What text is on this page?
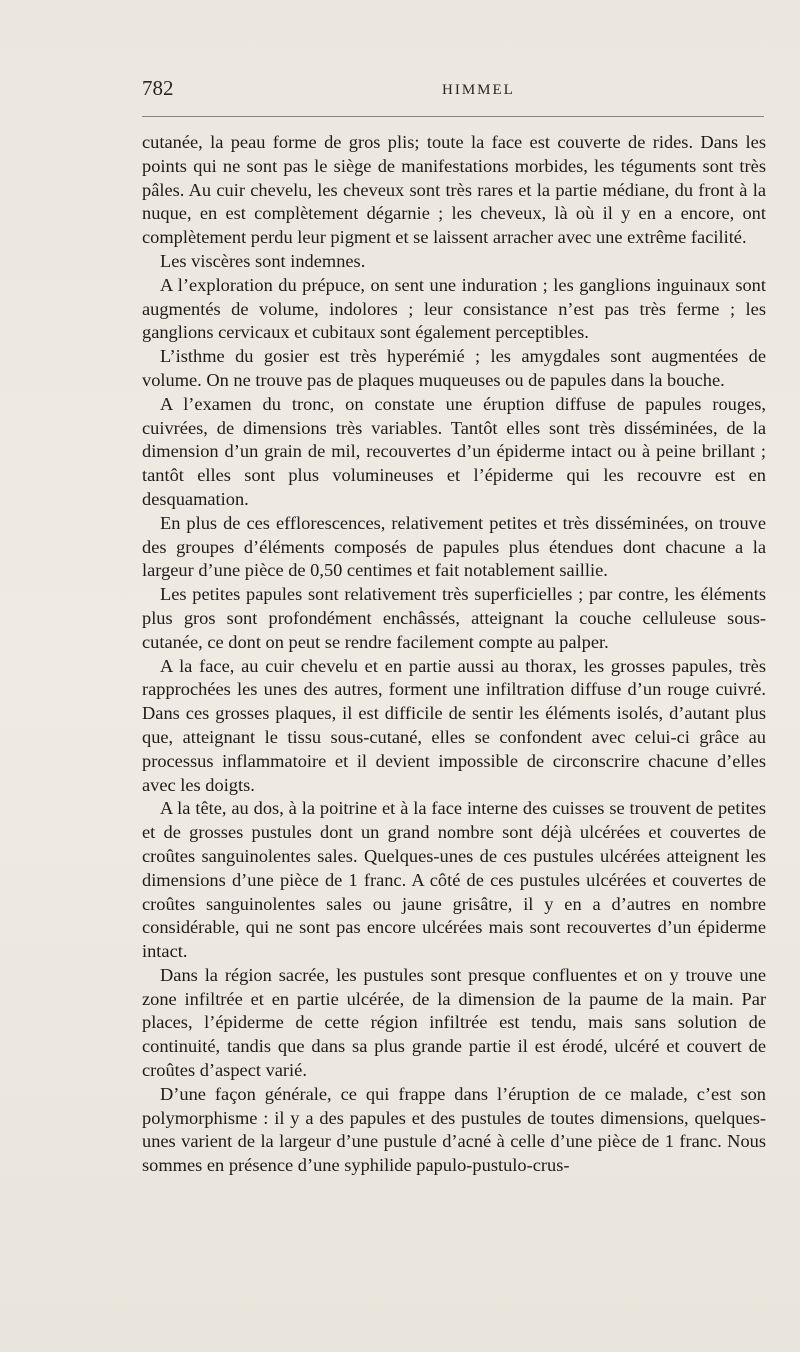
782	HIMMEL

cutanée, la peau forme de gros plis; toute la face est couverte de rides. Dans les points qui ne sont pas le siège de manifestations morbides, les téguments sont très pâles. Au cuir chevelu, les cheveux sont très rares et la partie médiane, du front à la nuque, en est complètement dégarnie ; les cheveux, là où il y en a encore, ont complètement perdu leur pigment et se laissent arracher avec une extrême facilité.

Les viscères sont indemnes.

A l’exploration du prépuce, on sent une induration ; les ganglions inguinaux sont augmentés de volume, indolores ; leur consistance n’est pas très ferme ; les ganglions cervicaux et cubitaux sont également perceptibles.

L’isthme du gosier est très hyperémié ; les amygdales sont augmentées de volume. On ne trouve pas de plaques muqueuses ou de papules dans la bouche.

A l’examen du tronc, on constate une éruption diffuse de papules rouges, cuivrées, de dimensions très variables. Tantôt elles sont très disséminées, de la dimension d’un grain de mil, recouvertes d’un épiderme intact ou à peine brillant ; tantôt elles sont plus volumineuses et l’épiderme qui les recouvre est en desquamation.

En plus de ces efflorescences, relativement petites et très disséminées, on trouve des groupes d’éléments composés de papules plus étendues dont chacune a la largeur d’une pièce de 0,50 centimes et fait notablement saillie.

Les petites papules sont relativement très superficielles ; par contre, les éléments plus gros sont profondément enchâssés, atteignant la couche celluleuse sous-cutanée, ce dont on peut se rendre facilement compte au palper.

A la face, au cuir chevelu et en partie aussi au thorax, les grosses papules, très rapprochées les unes des autres, forment une infiltration diffuse d’un rouge cuivré. Dans ces grosses plaques, il est difficile de sentir les éléments isolés, d’autant plus que, atteignant le tissu sous-cutané, elles se confondent avec celui-ci grâce au processus inflammatoire et il devient impossible de circonscrire chacune d’elles avec les doigts.

A la tête, au dos, à la poitrine et à la face interne des cuisses se trouvent de petites et de grosses pustules dont un grand nombre sont déjà ulcérées et couvertes de croûtes sanguinolentes sales. Quelques-unes de ces pustules ulcérées atteignent les dimensions d’une pièce de 1 franc. A côté de ces pustules ulcérées et couvertes de croûtes sanguinolentes sales ou jaune grisâtre, il y en a d’autres en nombre considérable, qui ne sont pas encore ulcérées mais sont recouvertes d’un épiderme intact.

Dans la région sacrée, les pustules sont presque confluentes et on y trouve une zone infiltrée et en partie ulcérée, de la dimension de la paume de la main. Par places, l’épiderme de cette région infiltrée est tendu, mais sans solution de continuité, tandis que dans sa plus grande partie il est érodé, ulcéré et couvert de croûtes d’aspect varié.

D’une façon générale, ce qui frappe dans l’éruption de ce malade, c’est son polymorphisme : il y a des papules et des pustules de toutes dimensions, quelques-unes varient de la largeur d’une pustule d’acné à celle d’une pièce de 1 franc. Nous sommes en présence d’une syphilide papulo-pustulo-crus-
